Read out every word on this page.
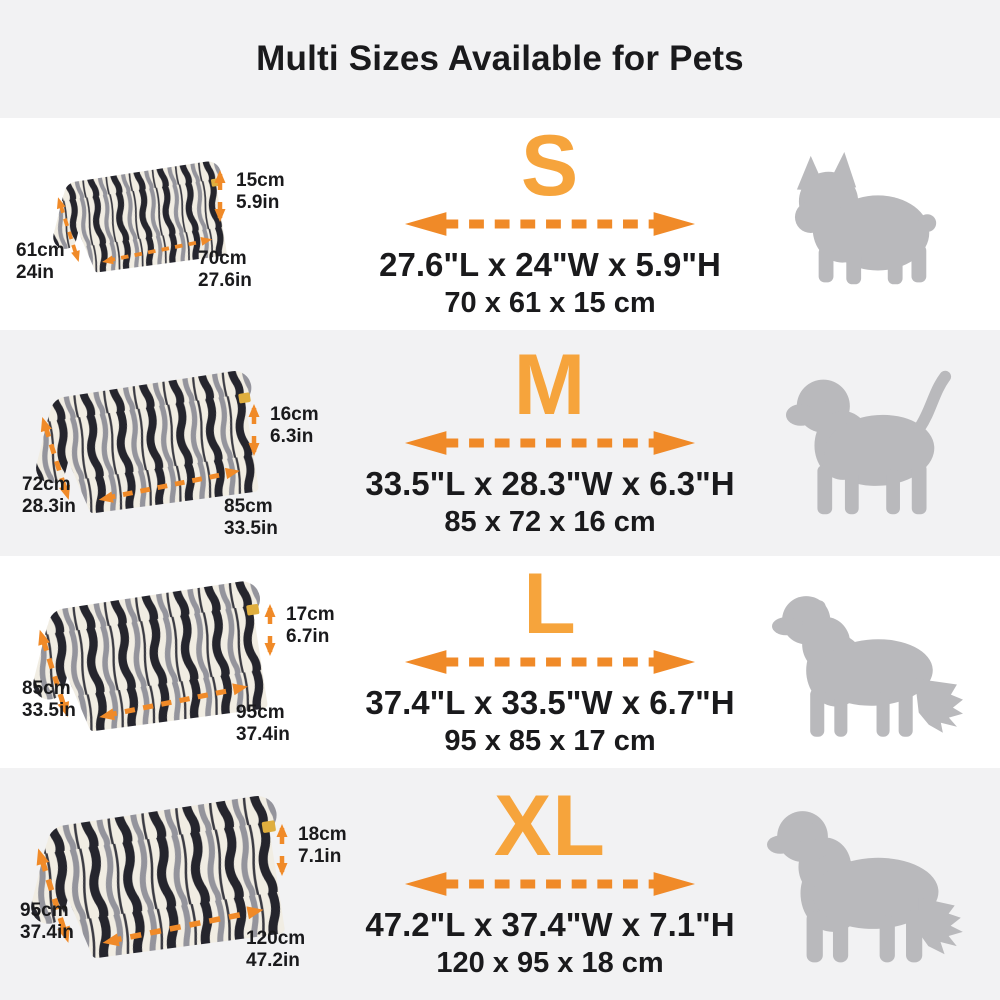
Multi Sizes Available for Pets
15cm
5.9in
61cm
24in
70cm
27.6in
S
27.6"L x 24"W x 5.9"H
70 x 61 x 15 cm
16cm
6.3in
72cm
28.3in	85cm
33.5in
M
33.5"L x 28.3"W x 6.3"H
85 x 72 x 16 cm
17cm
6.7in
85cm
33.5in	95cm
37.4in
L
37.4"L x 33.5"W x 6.7"H
95 x 85 x 17 cm
18cm
7.1in
95cm
37.4in	120cm
47.2in
XL
47.2"L x 37.4"W x 7.1"H
120 x 95 x 18 cm
